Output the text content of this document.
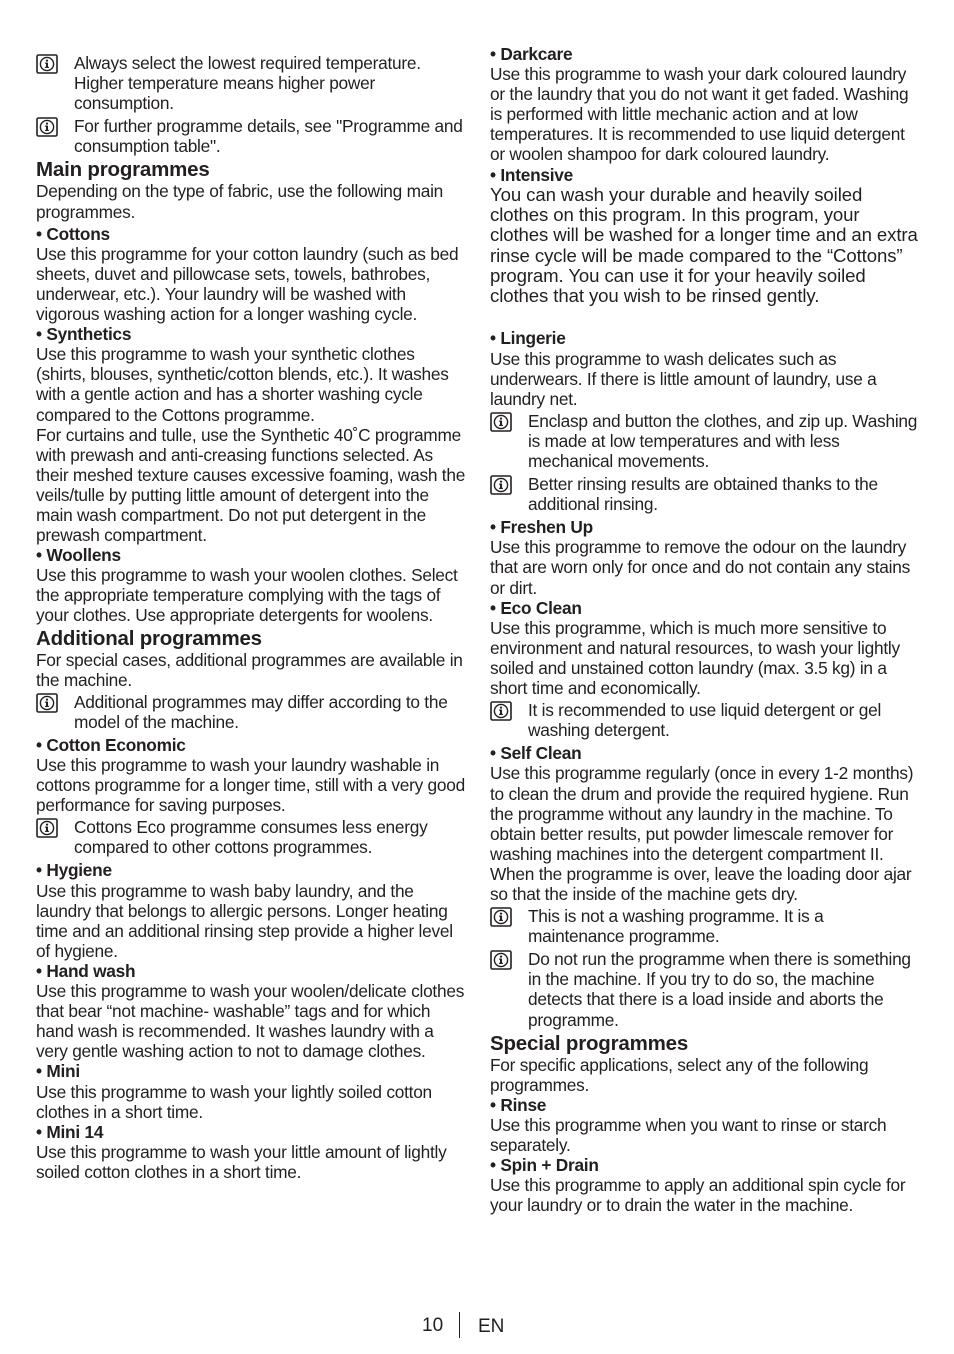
Always select the lowest required temperature. Higher temperature means higher power consumption.
For further programme details, see "Programme and consumption table".
Main programmes

Depending on the type of fabric, use the following main programmes.

• Cottons

Use this programme for your cotton laundry (such as bed sheets, duvet and pillowcase sets, towels, bathrobes, underwear, etc.). Your laundry will be washed with vigorous washing action for a longer washing cycle.

• Synthetics

Use this programme to wash your synthetic clothes (shirts, blouses, synthetic/cotton blends, etc.). It washes with a gentle action and has a shorter washing cycle compared to the Cottons programme.

For curtains and tulle, use the Synthetic 40˚C programme with prewash and anti-creasing functions selected. As their meshed texture causes excessive foaming, wash the veils/tulle by putting little amount of detergent into the main wash compartment. Do not put detergent in the prewash compartment.

• Woollens

Use this programme to wash your woolen clothes. Select the appropriate temperature complying with the tags of your clothes. Use appropriate detergents for woolens.

Additional programmes

For special cases, additional programmes are available in the machine.

Additional programmes may differ according to the model of the machine.

• Cotton Economic

Use this programme to wash your laundry washable in cottons programme for a longer time, still with a very good performance for saving purposes.

Cottons Eco programme consumes less energy compared to other cottons programmes.

• Hygiene

Use this programme to wash baby laundry, and the laundry that belongs to allergic persons. Longer heating time and an additional rinsing step provide a higher level of hygiene.

• Hand wash

Use this programme to wash your woolen/delicate clothes that bear “not machine- washable” tags and for which hand wash is recommended. It washes laundry with a very gentle washing action to not to damage clothes.

• Mini

Use this programme to wash your lightly soiled cotton clothes in a short time.

• Mini 14

Use this programme to wash your little amount of lightly soiled cotton clothes in a short time.

• Darkcare

Use this programme to wash your dark coloured laundry or the laundry that you do not want it get faded. Washing is performed with little mechanic action and at low temperatures. It is recommended to use liquid detergent or woolen shampoo for dark coloured laundry.

• Intensive

You can wash your durable and heavily soiled clothes on this program. In this program, your clothes will be washed for a longer time and an extra rinse cycle will be made compared to the “Cottons” program. You can use it for your heavily soiled clothes that you wish to be rinsed gently.

• Lingerie

Use this programme to wash delicates such as underwears. If there is little amount of laundry, use a laundry net.

Enclasp and button the clothes, and zip up. Washing is made at low temperatures and with less mechanical movements.
Better rinsing results are obtained thanks to the additional rinsing.

• Freshen Up

Use this programme to remove the odour on the laundry that are worn only for once and do not contain any stains or dirt.

• Eco Clean

Use this programme, which is much more sensitive to environment and natural resources, to wash your lightly soiled and unstained cotton laundry (max. 3.5 kg) in a short time and economically.

It is recommended to use liquid detergent or gel washing detergent.

• Self Clean

Use this programme regularly (once in every 1-2 months) to clean the drum and provide the required hygiene. Run the programme without any laundry in the machine. To obtain better results, put powder limescale remover for washing machines into the detergent compartment II. When the programme is over, leave the loading door ajar so that the inside of the machine gets dry.

This is not a washing programme. It is a maintenance programme.
Do not run the programme when there is something in the machine. If you try to do so, the machine detects that there is a load inside and aborts the programme.
Special programmes

For specific applications, select any of the following programmes.

• Rinse

Use this programme when you want to rinse or starch separately.

• Spin + Drain

Use this programme to apply an additional spin cycle for your laundry or to drain the water in the machine.

10 EN
